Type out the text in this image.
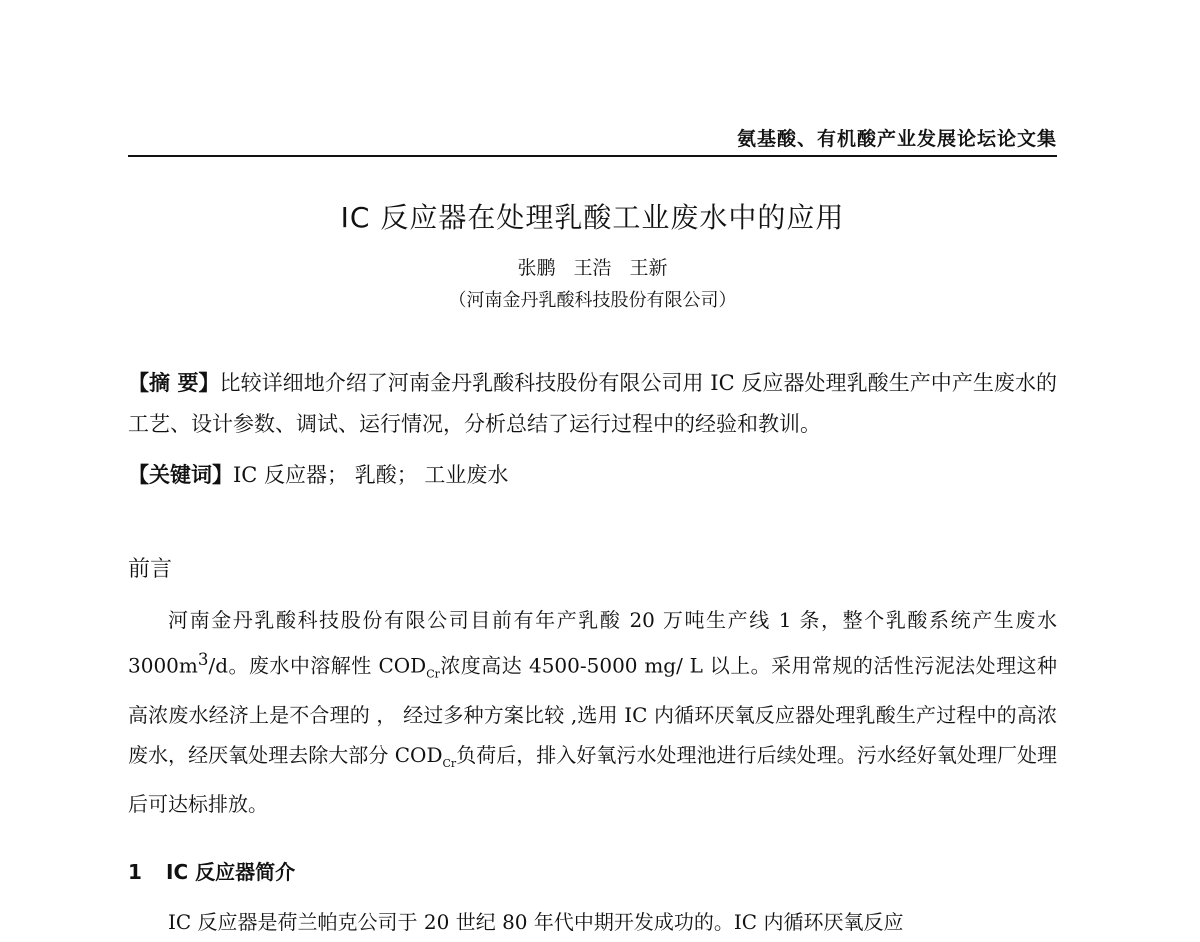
氨基酸、有机酸产业发展论坛论文集
IC 反应器在处理乳酸工业废水中的应用
张鹏 王浩 王新
（河南金丹乳酸科技股份有限公司）
【摘 要】比较详细地介绍了河南金丹乳酸科技股份有限公司用 IC 反应器处理乳酸生产中产生废水的工艺、设计参数、调试、运行情况，分析总结了运行过程中的经验和教训。
【关键词】IC 反应器； 乳酸； 工业废水
前言

河南金丹乳酸科技股份有限公司目前有年产乳酸 20 万吨生产线 1 条，整个乳酸系统产生废水 $3000m^3/d$。废水中溶解性 $COD_{Cr}$浓度高达 4500-5000 mg/ L 以上。采用常规的活性污泥法处理这种高浓废水经济上是不合理的 ， 经过多种方案比较 ,选用 IC 内循环厌氧反应器处理乳酸生产过程中的高浓废水，经厌氧处理去除大部分 $COD_{Cr}$负荷后，排入好氧污水处理池进行后续处理。污水经好氧处理厂处理后可达标排放。

1 IC 反应器简介

IC 反应器是荷兰帕克公司于 20 世纪 80 年代中期开发成功的。IC 内循环厌氧反应
